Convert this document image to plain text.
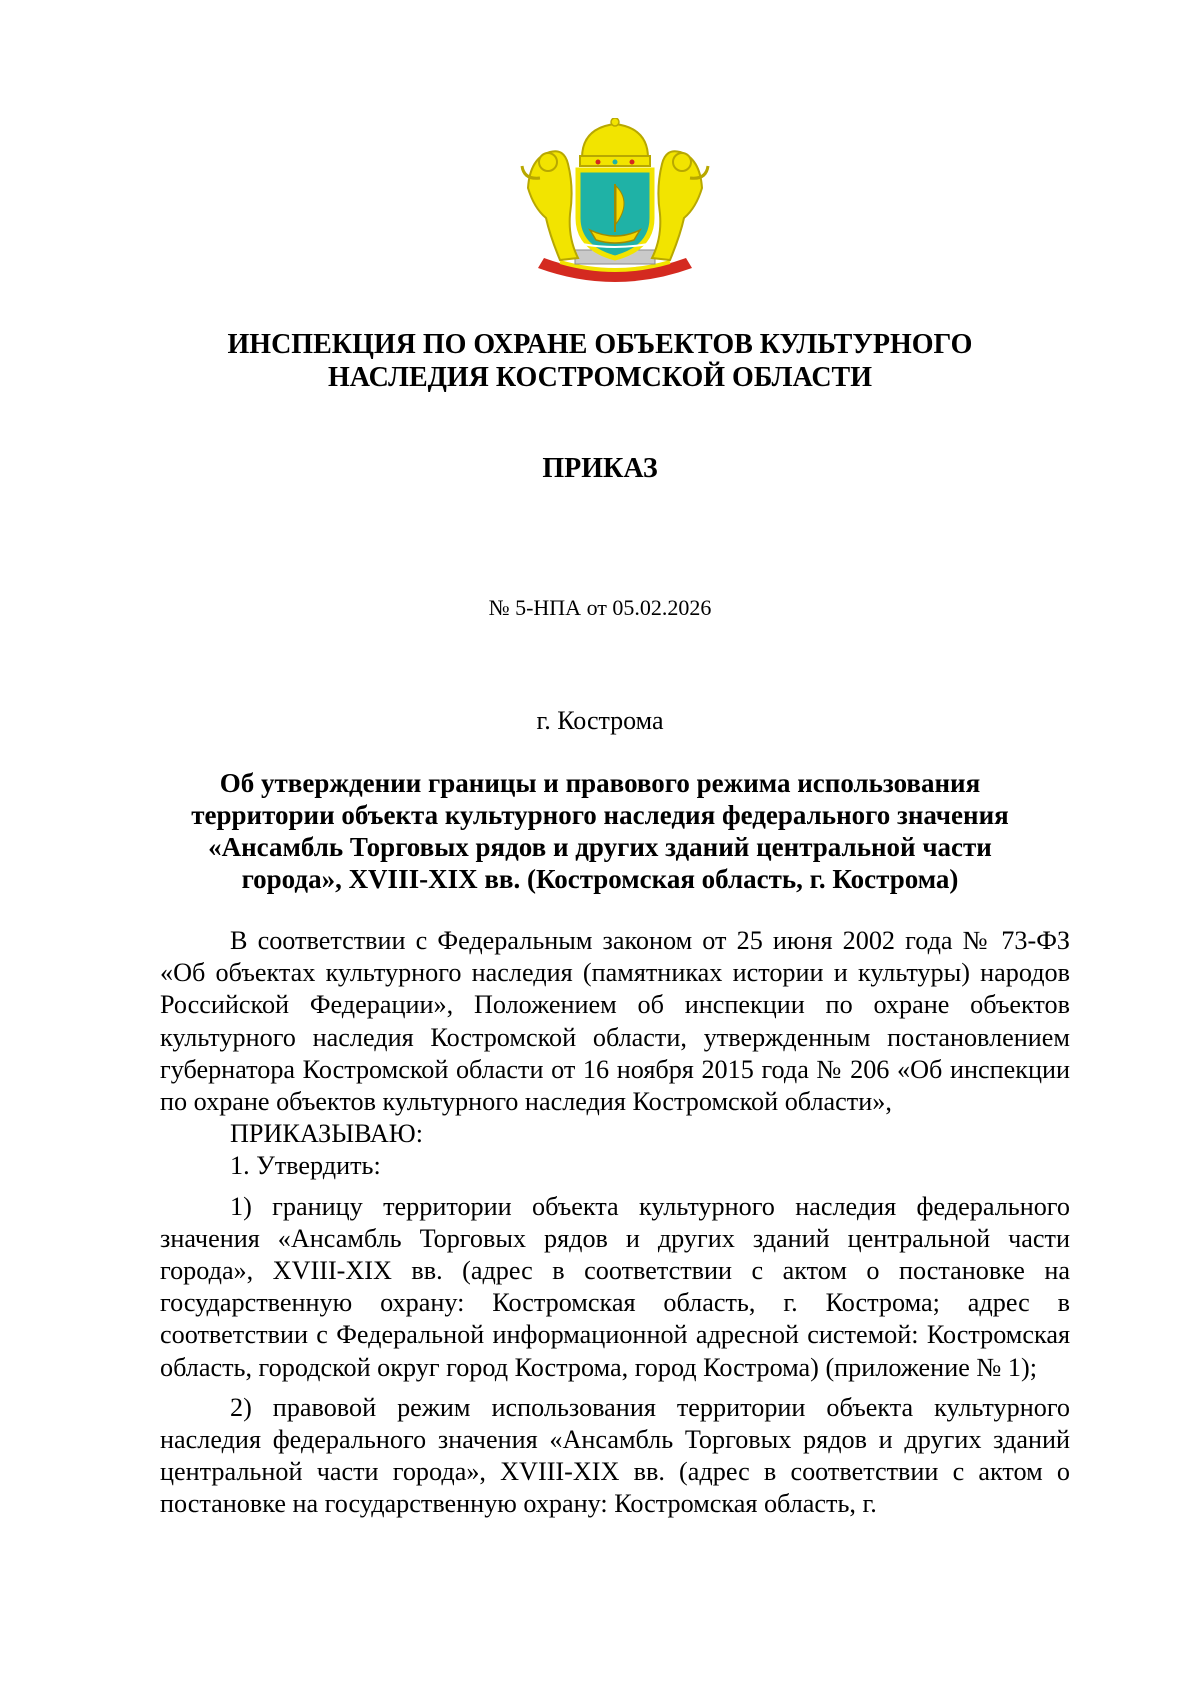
ИНСПЕКЦИЯ ПО ОХРАНЕ ОБЪЕКТОВ КУЛЬТУРНОГО
НАСЛЕДИЯ КОСТРОМСКОЙ ОБЛАСТИ
ПРИКАЗ
№ 5-НПА от 05.02.2026
г. Кострома
Об утверждении границы и правового режима использования
территории объекта культурного наследия федерального значения
«Ансамбль Торговых рядов и других зданий центральной части
города», XVIII-XIX вв. (Костромская область, г. Кострома)

В соответствии с Федеральным законом от 25 июня 2002 года № 73-ФЗ «Об объектах культурного наследия (памятниках истории и культуры) народов Российской Федерации», Положением об инспекции по охране объектов культурного наследия Костромской области, утвержденным постановлением губернатора Костромской области от 16 ноября 2015 года № 206 «Об инспекции по охране объектов культурного наследия Костромской области»,

ПРИКАЗЫВАЮ:

1. Утвердить:

1) границу территории объекта культурного наследия федерального значения «Ансамбль Торговых рядов и других зданий центральной части города», XVIII-XIX вв. (адрес в соответствии с актом о постановке на государственную охрану: Костромская область, г. Кострома; адрес в соответствии с Федеральной информационной адресной системой: Костромская область, городской округ город Кострома, город Кострома) (приложение № 1);

2) правовой режим использования территории объекта культурного наследия федерального значения «Ансамбль Торговых рядов и других зданий центральной части города», XVIII-XIX вв. (адрес в соответствии с актом о постановке на государственную охрану: Костромская область, г.
